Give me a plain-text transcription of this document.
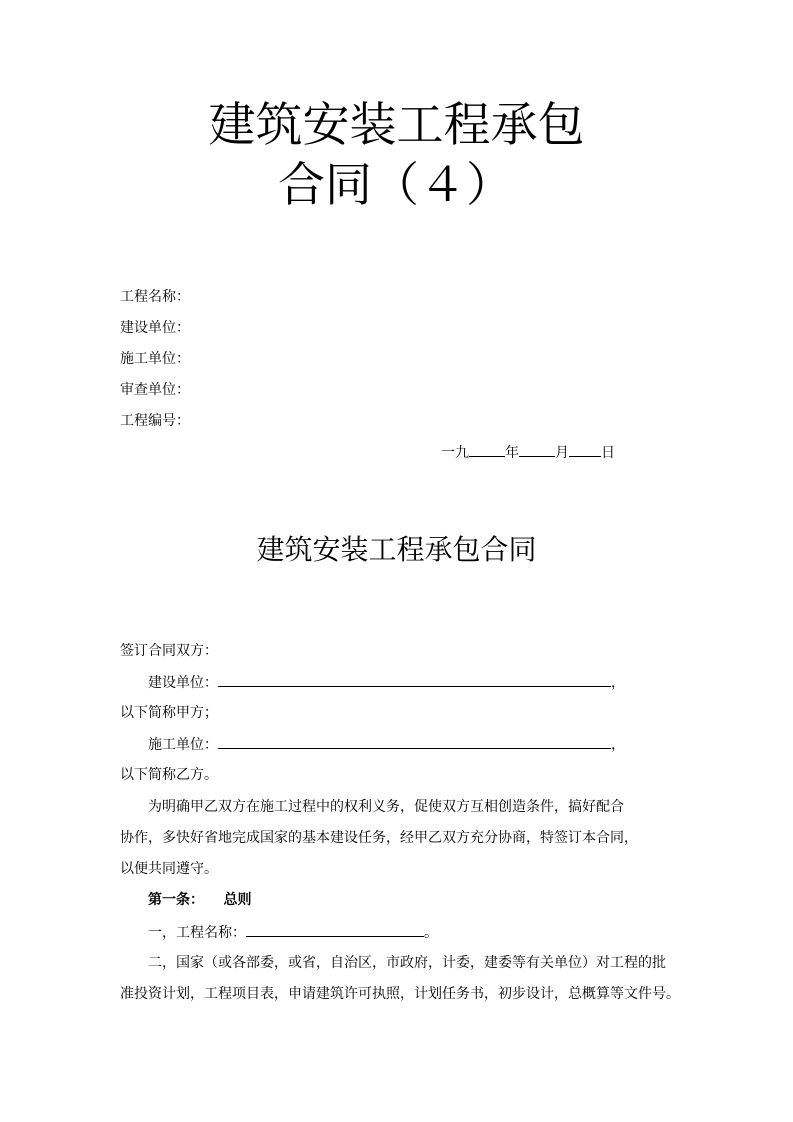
建筑安装工程承包
合同（４）
工程名称：
建设单位：
施工单位：
审查单位：
工程编号：
一九	年	月 日
建筑安装工程承包合同
签订合同双方：
建设单位：	，
以下简称甲方；
施工单位：	，
以下简称乙方。
为明确甲乙双方在施工过程中的权利义务，促使双方互相创造条件，搞好配合
协作，多快好省地完成国家的基本建设任务，经甲乙双方充分协商，特签订本合同，
以便共同遵守。
第一条： 总则
一，工程名称：	。
二，国家（或各部委，或省，自治区，市政府，计委，建委等有关单位）对工程的批
准投资计划，工程项目表，申请建筑许可执照，计划任务书，初步设计，总概算等文件号。
